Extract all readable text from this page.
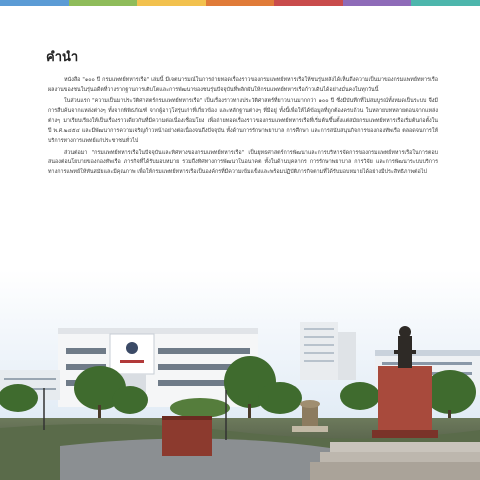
คำนำ

หนังสือ "๑๐๐ ปี กรมแพทย์ทหารเรือ" เล่มนี้ มีเจตนารมณ์ในการถ่ายทอดเรื่องราวของกรมแพทย์ทหารเรือให้ชนรุ่นหลังได้เห็นถึงความเป็นมาของกรมแพทย์ทหารเรือ ผลงานของชนในรุ่นอดีตที่วางรากฐานการเติบโตและการพัฒนาของชนรุ่นปัจจุบันที่พลิกผันให้กรมแพทย์ทหารเรือก้าวเดินได้อย่างมั่นคงในทุกวันนี้

ในส่วนแรก "ความเป็นมาประวัติศาสตร์กรมแพทย์ทหารเรือ" เป็นเรื่องราวทางประวัติศาสตร์ที่ยาวนานมากกว่า ๑๐๐ ปี ซึ่งมีบันทึกที่ไม่สมบูรณ์ทั้งหมดเป็นระบบ จึงมีการสืบค้นจากแหล่งต่างๆ ทั้งจากพิพิธภัณฑ์ จากผู้อาวุโสรุ่นเก่าที่เกี่ยวข้อง และหลักฐานต่างๆ ที่มีอยู่ ทั้งนี้เพื่อให้ได้ข้อมูลที่ถูกต้องครบถ้วน ในหลายบทหลายตอนจากแหล่งต่างๆ มาเรียบเรียงให้เป็นเรื่องราวเดียวกันที่มีความต่อเนื่องเชื่อมโยง เพื่อถ่ายทอดเรื่องราวของกรมแพทย์ทหารเรือที่เริ่มต้นขึ้นตั้งแต่สมัยกรมแพทย์ทหารเรือเริ่มต้นก่อตั้งในปี พ.ศ.๒๔๕๔ และมีพัฒนาการความเจริญก้าวหน้าอย่างต่อเนื่องจนถึงปัจจุบัน ทั้งด้านการรักษาพยาบาล การศึกษา และการสนับสนุนกิจการของกองทัพเรือ ตลอดจนการให้บริการทางการแพทย์แก่ประชาชนทั่วไป

ส่วนต่อมา "กรมแพทย์ทหารเรือในปัจจุบันและทิศทางของกรมแพทย์ทหารเรือ" เป็นยุทธศาสตร์การพัฒนาและการบริหารจัดการของกรมแพทย์ทหารเรือในการตอบสนองต่อนโยบายของกองทัพเรือ ภารกิจที่ได้รับมอบหมาย รวมถึงทิศทางการพัฒนาในอนาคต ทั้งในด้านบุคลากร การรักษาพยาบาล การวิจัย และการพัฒนาระบบบริการทางการแพทย์ให้ทันสมัยและมีคุณภาพ เพื่อให้กรมแพทย์ทหารเรือเป็นองค์กรที่มีความเข้มแข็งและพร้อมปฏิบัติภารกิจตามที่ได้รับมอบหมายได้อย่างมีประสิทธิภาพต่อไป
